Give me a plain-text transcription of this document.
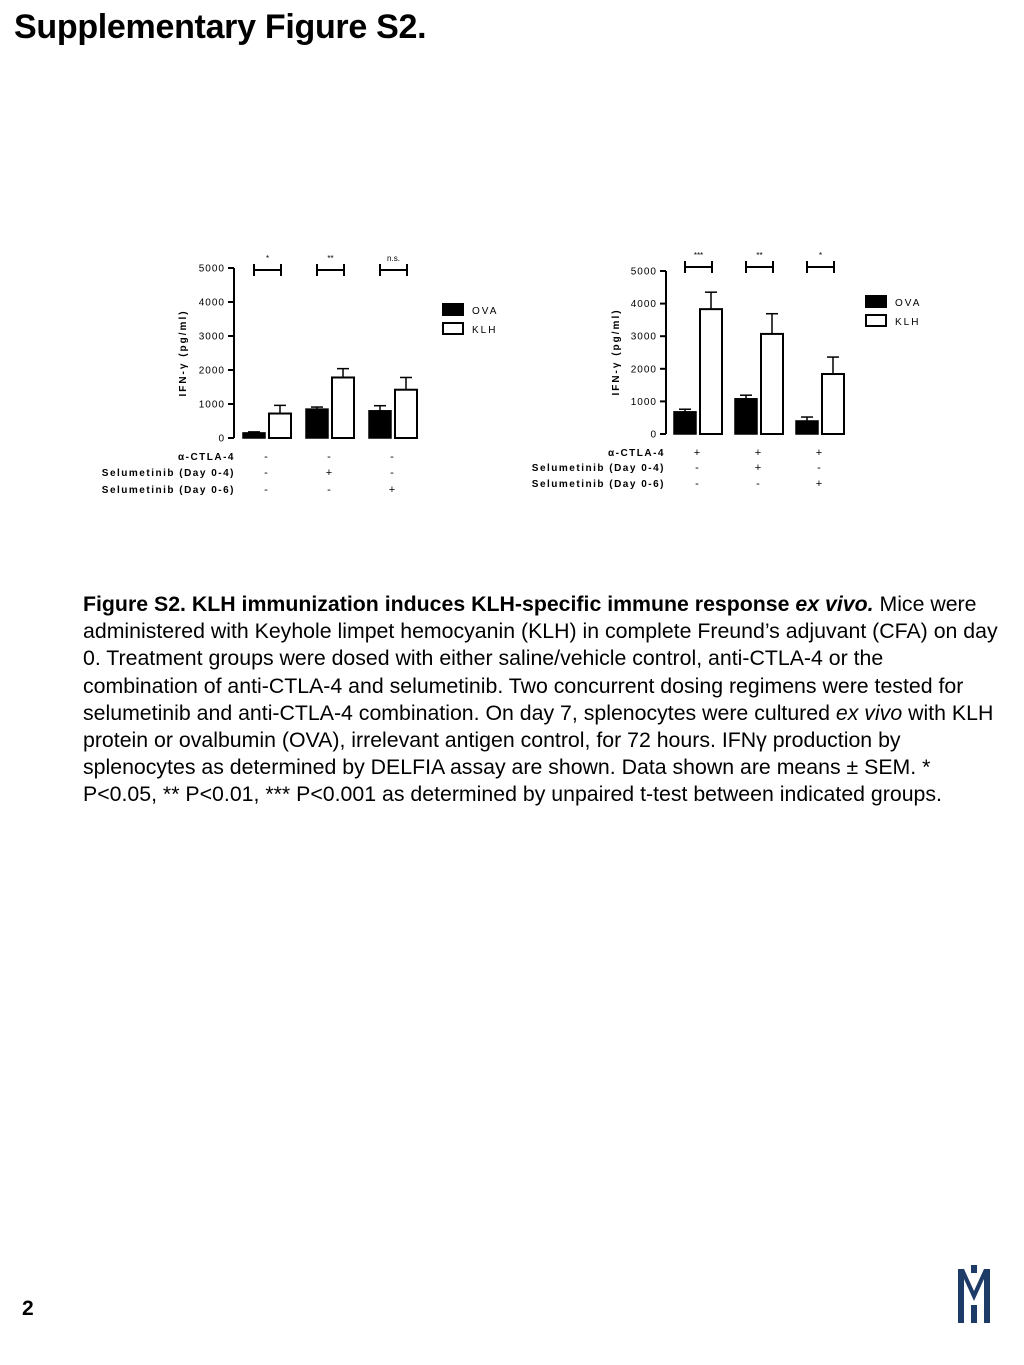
Supplementary Figure S2.
0
1000
2000
3000
4000
5000
IFN-γ (pg/ml)
*
-
-
-
**
-
+
-
n.s.
-
-
+
α-CTLA-4
Selumetinib (Day 0-4)
Selumetinib (Day 0-6)
OVA
KLH
0
1000
2000
3000
4000
5000
IFN-γ (pg/ml)
***
+
-
-
**
+
+
-
*
+
-
+
α-CTLA-4
Selumetinib (Day 0-4)
Selumetinib (Day 0-6)
OVA
KLH

Figure S2. KLH immunization induces KLH-specific immune response ex vivo. Mice were administered with Keyhole limpet hemocyanin (KLH) in complete Freund’s adjuvant (CFA) on day 0. Treatment groups were dosed with either saline/vehicle control, anti-CTLA-4 or the combination of anti-CTLA-4 and selumetinib. Two concurrent dosing regimens were tested for selumetinib and anti-CTLA-4 combination. On day 7, splenocytes were cultured ex vivo with KLH protein or ovalbumin (OVA), irrelevant antigen control, for 72 hours. IFNγ production by splenocytes as determined by DELFIA assay are shown. Data shown are means ± SEM. * P<0.05, ** P<0.01, *** P<0.001 as determined by unpaired t-test between indicated groups.

2
